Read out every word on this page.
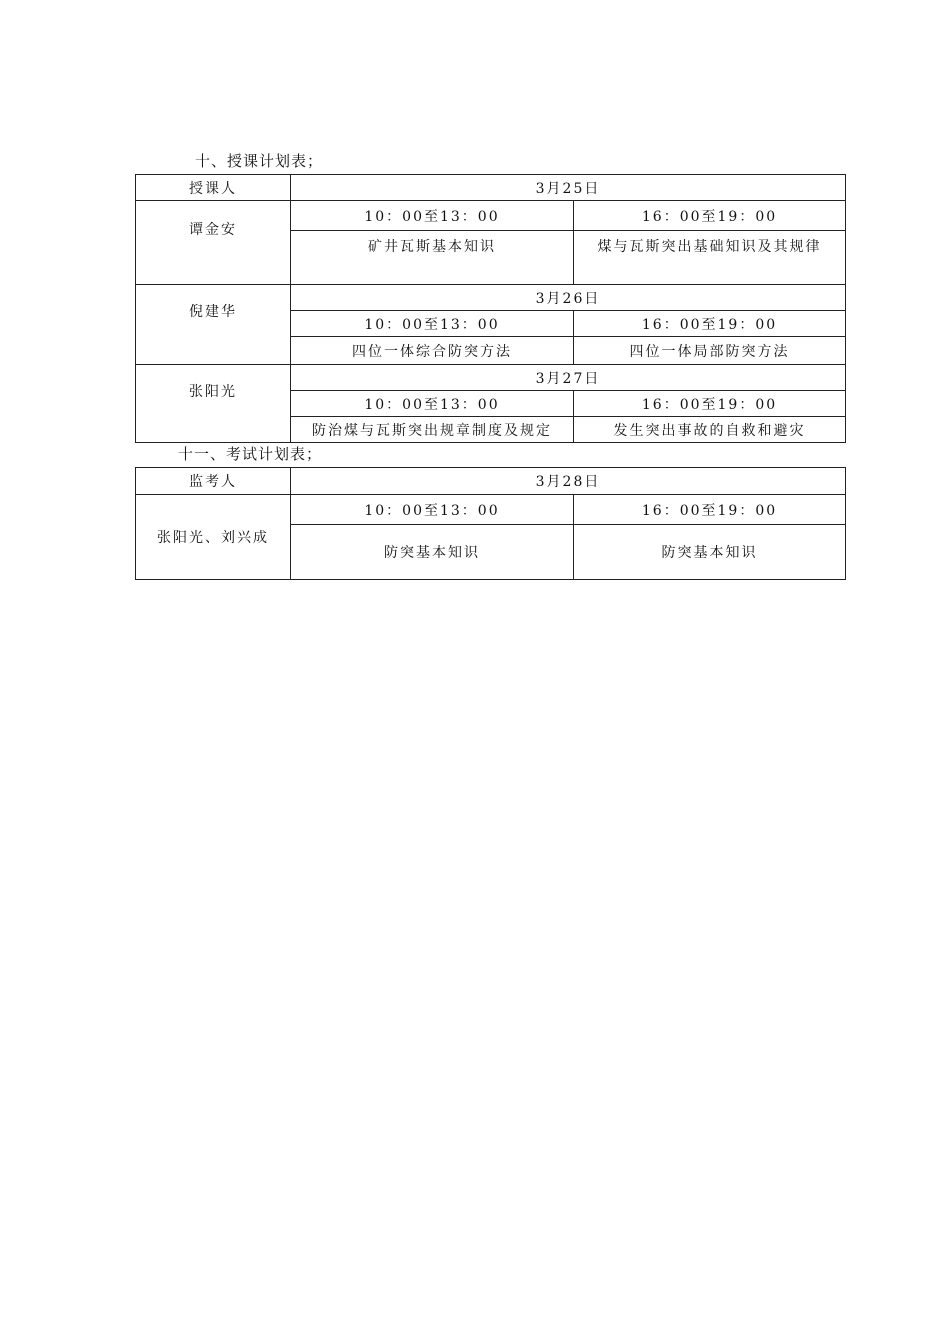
十、授课计划表；
授课人	3月25日	

谭金安	10：00至13：00	16：00至19：00

	矿井瓦斯基本知识	煤与瓦斯突出基础知识及其规律

倪建华	3月26日	
	10：00至13：00	16：00至19：00
	四位一体综合防突方法	四位一体局部防突方法

张阳光	3月27日	
	10：00至13：00	16：00至19：00
	防治煤与瓦斯突出规章制度及规定	发生突出事故的自救和避灾
十一、考试计划表；
监考人	3月28日	
张阳光、刘兴成	10：00至13：00	16：00至19：00
	防突基本知识	防突基本知识
